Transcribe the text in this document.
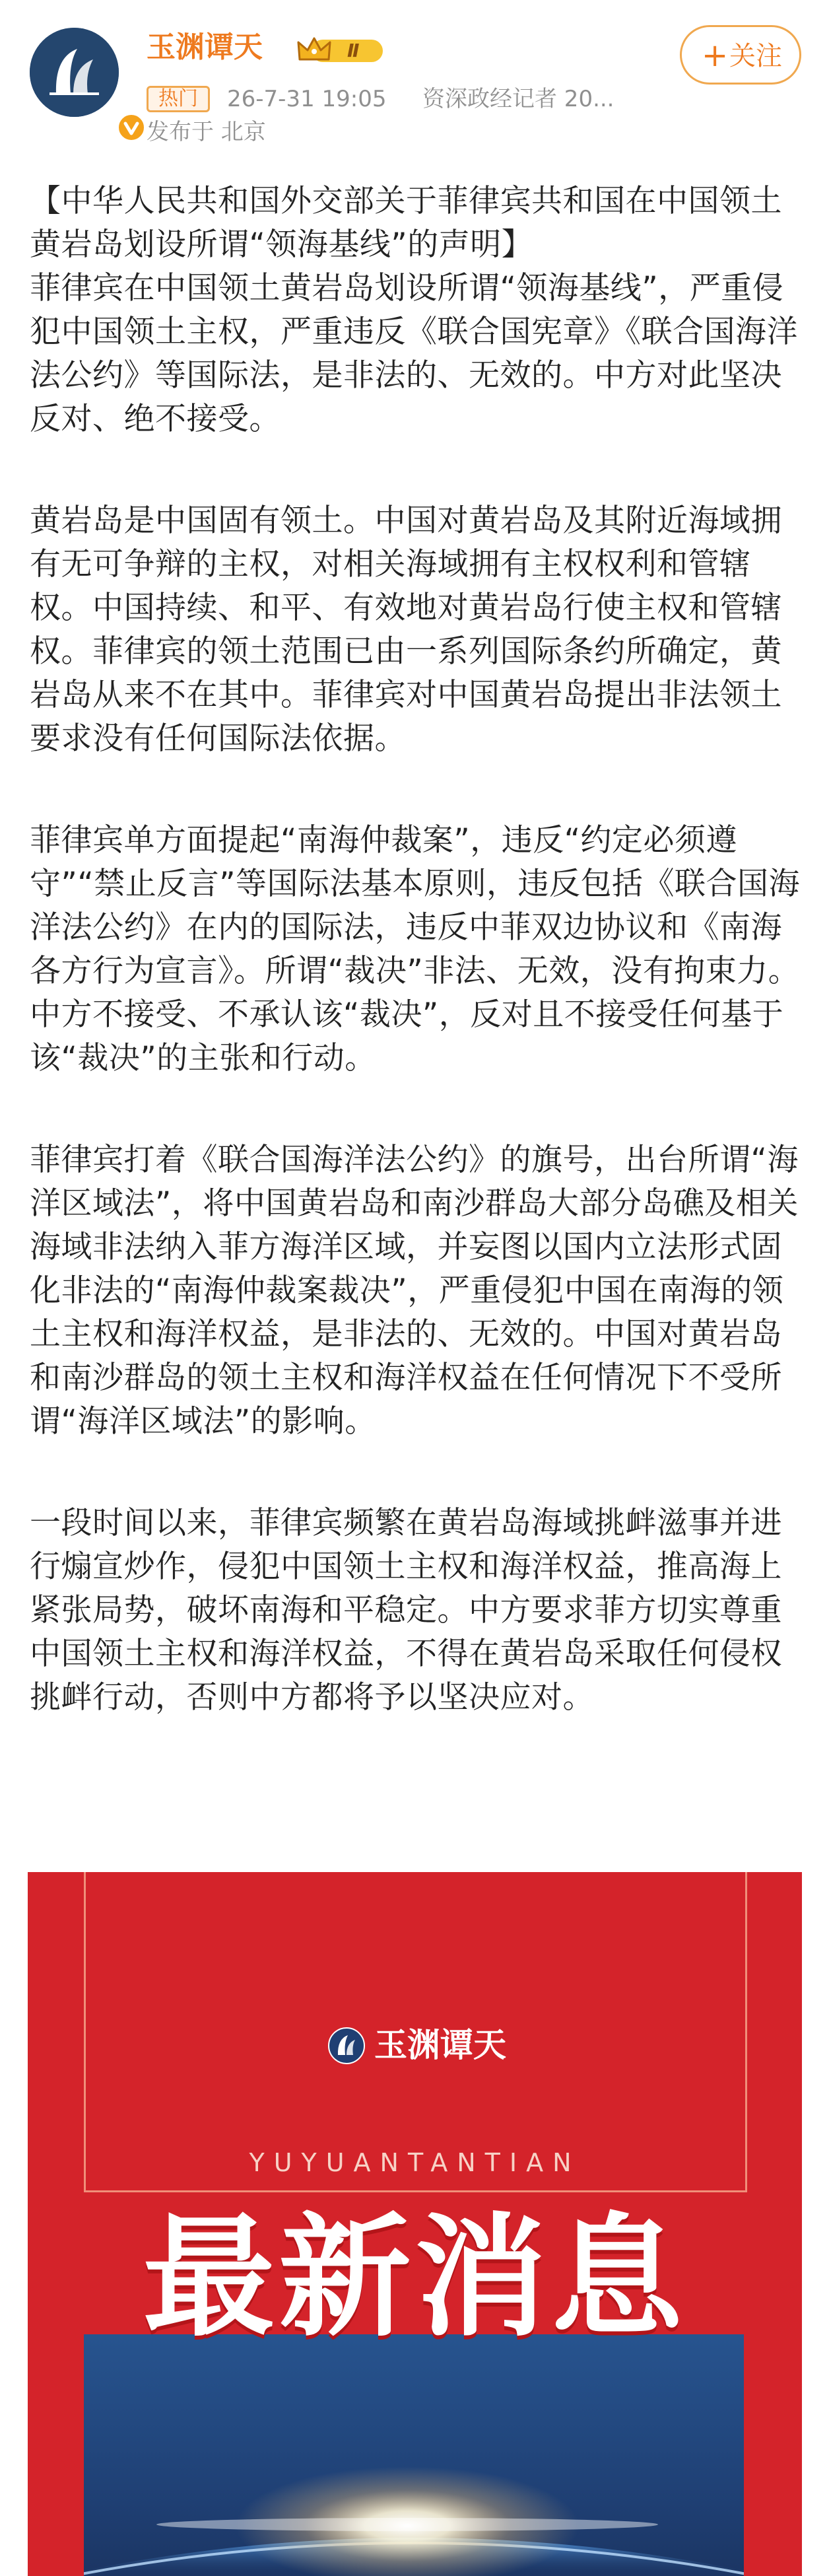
玉渊谭天	Ⅱ	+ 关注
热门	26-7-31 19:05 资深政经记者 20...
发布于 北京

【中华人民共和国外交部关于菲律宾共和国在中国领土黄岩岛划设所谓“领海基线”的声明】
菲律宾在中国领土黄岩岛划设所谓“领海基线”，严重侵犯中国领土主权，严重违反《联合国宪章》《联合国海洋法公约》等国际法，是非法的、无效的。中方对此坚决反对、绝不接受。

黄岩岛是中国固有领土。中国对黄岩岛及其附近海域拥有无可争辩的主权，对相关海域拥有主权权利和管辖权。中国持续、和平、有效地对黄岩岛行使主权和管辖权。菲律宾的领土范围已由一系列国际条约所确定，黄岩岛从来不在其中。菲律宾对中国黄岩岛提出非法领土要求没有任何国际法依据。

菲律宾单方面提起“南海仲裁案”，违反“约定必须遵守”“禁止反言”等国际法基本原则，违反包括《联合国海洋法公约》在内的国际法，违反中菲双边协议和《南海各方行为宣言》。所谓“裁决”非法、无效，没有拘束力。中方不接受、不承认该“裁决”，反对且不接受任何基于该“裁决”的主张和行动。

菲律宾打着《联合国海洋法公约》的旗号，出台所谓“海洋区域法”，将中国黄岩岛和南沙群岛大部分岛礁及相关海域非法纳入菲方海洋区域，并妄图以国内立法形式固化非法的“南海仲裁案裁决”，严重侵犯中国在南海的领土主权和海洋权益，是非法的、无效的。中国对黄岩岛和南沙群岛的领土主权和海洋权益在任何情况下不受所谓“海洋区域法”的影响。

一段时间以来，菲律宾频繁在黄岩岛海域挑衅滋事并进行煽宣炒作，侵犯中国领土主权和海洋权益，推高海上紧张局势，破坏南海和平稳定。中方要求菲方切实尊重中国领土主权和海洋权益，不得在黄岩岛采取任何侵权挑衅行动，否则中方都将予以坚决应对。

玉渊谭天
YUYUANTANTIAN
最新消息
